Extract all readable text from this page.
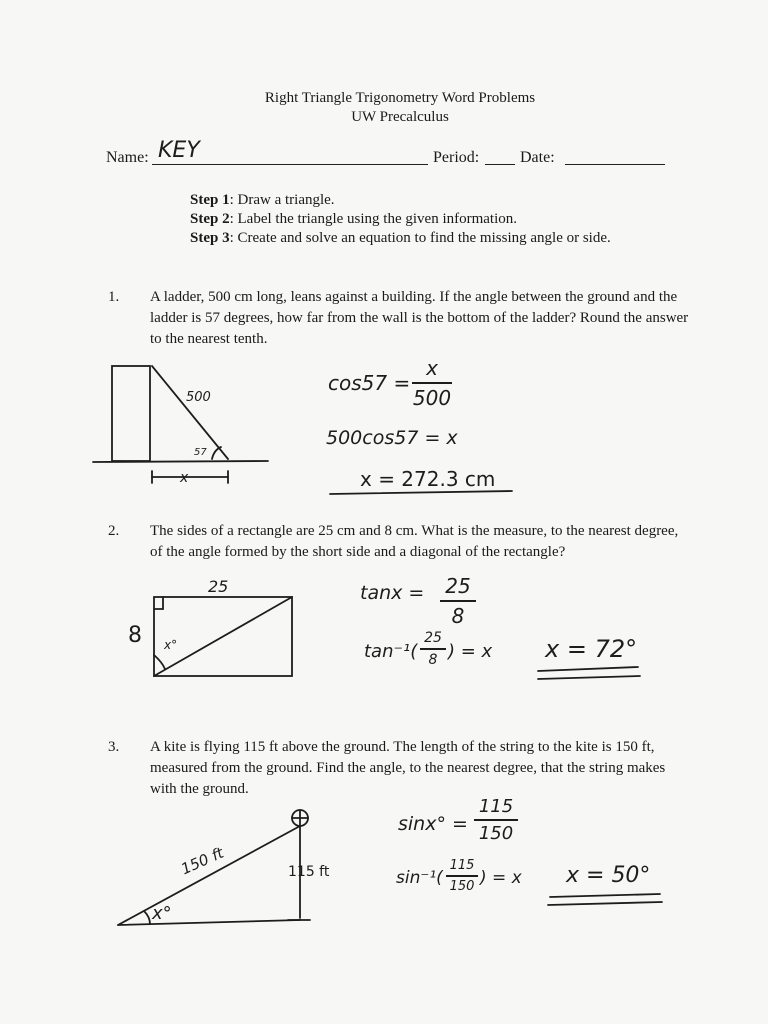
Right Triangle Trigonometry Word Problems
UW Precalculus
Name: KEY	Period:	Date:
Step 1: Draw a triangle.
Step 2: Label the triangle using the given information.
Step 3: Create and solve an equation to find the missing angle or side.
1. A ladder, 500 cm long, leans against a building. If the angle between the ground and the ladder is 57 degrees, how far from the wall is the bottom of the ladder? Round the answer to the nearest tenth.
2. The sides of a rectangle are 25 cm and 8 cm. What is the measure, to the nearest degree, of the angle formed by the short side and a diagonal of the rectangle?
3. A kite is flying 115 ft above the ground. The length of the string to the kite is 150 ft, measured from the ground. Find the angle, to the nearest degree, that the string makes with the ground.
500
57
x
cos57 =
x
500
500cos57 = x
x = 272.3 cm
25
8 x°
tanx = 25
8
tan⁻¹(
25
8 ) = x x = 72°
150 ft	115 ft
x°
sinx° =
115
150
sin⁻¹(
115
150 ) = x x = 50°
